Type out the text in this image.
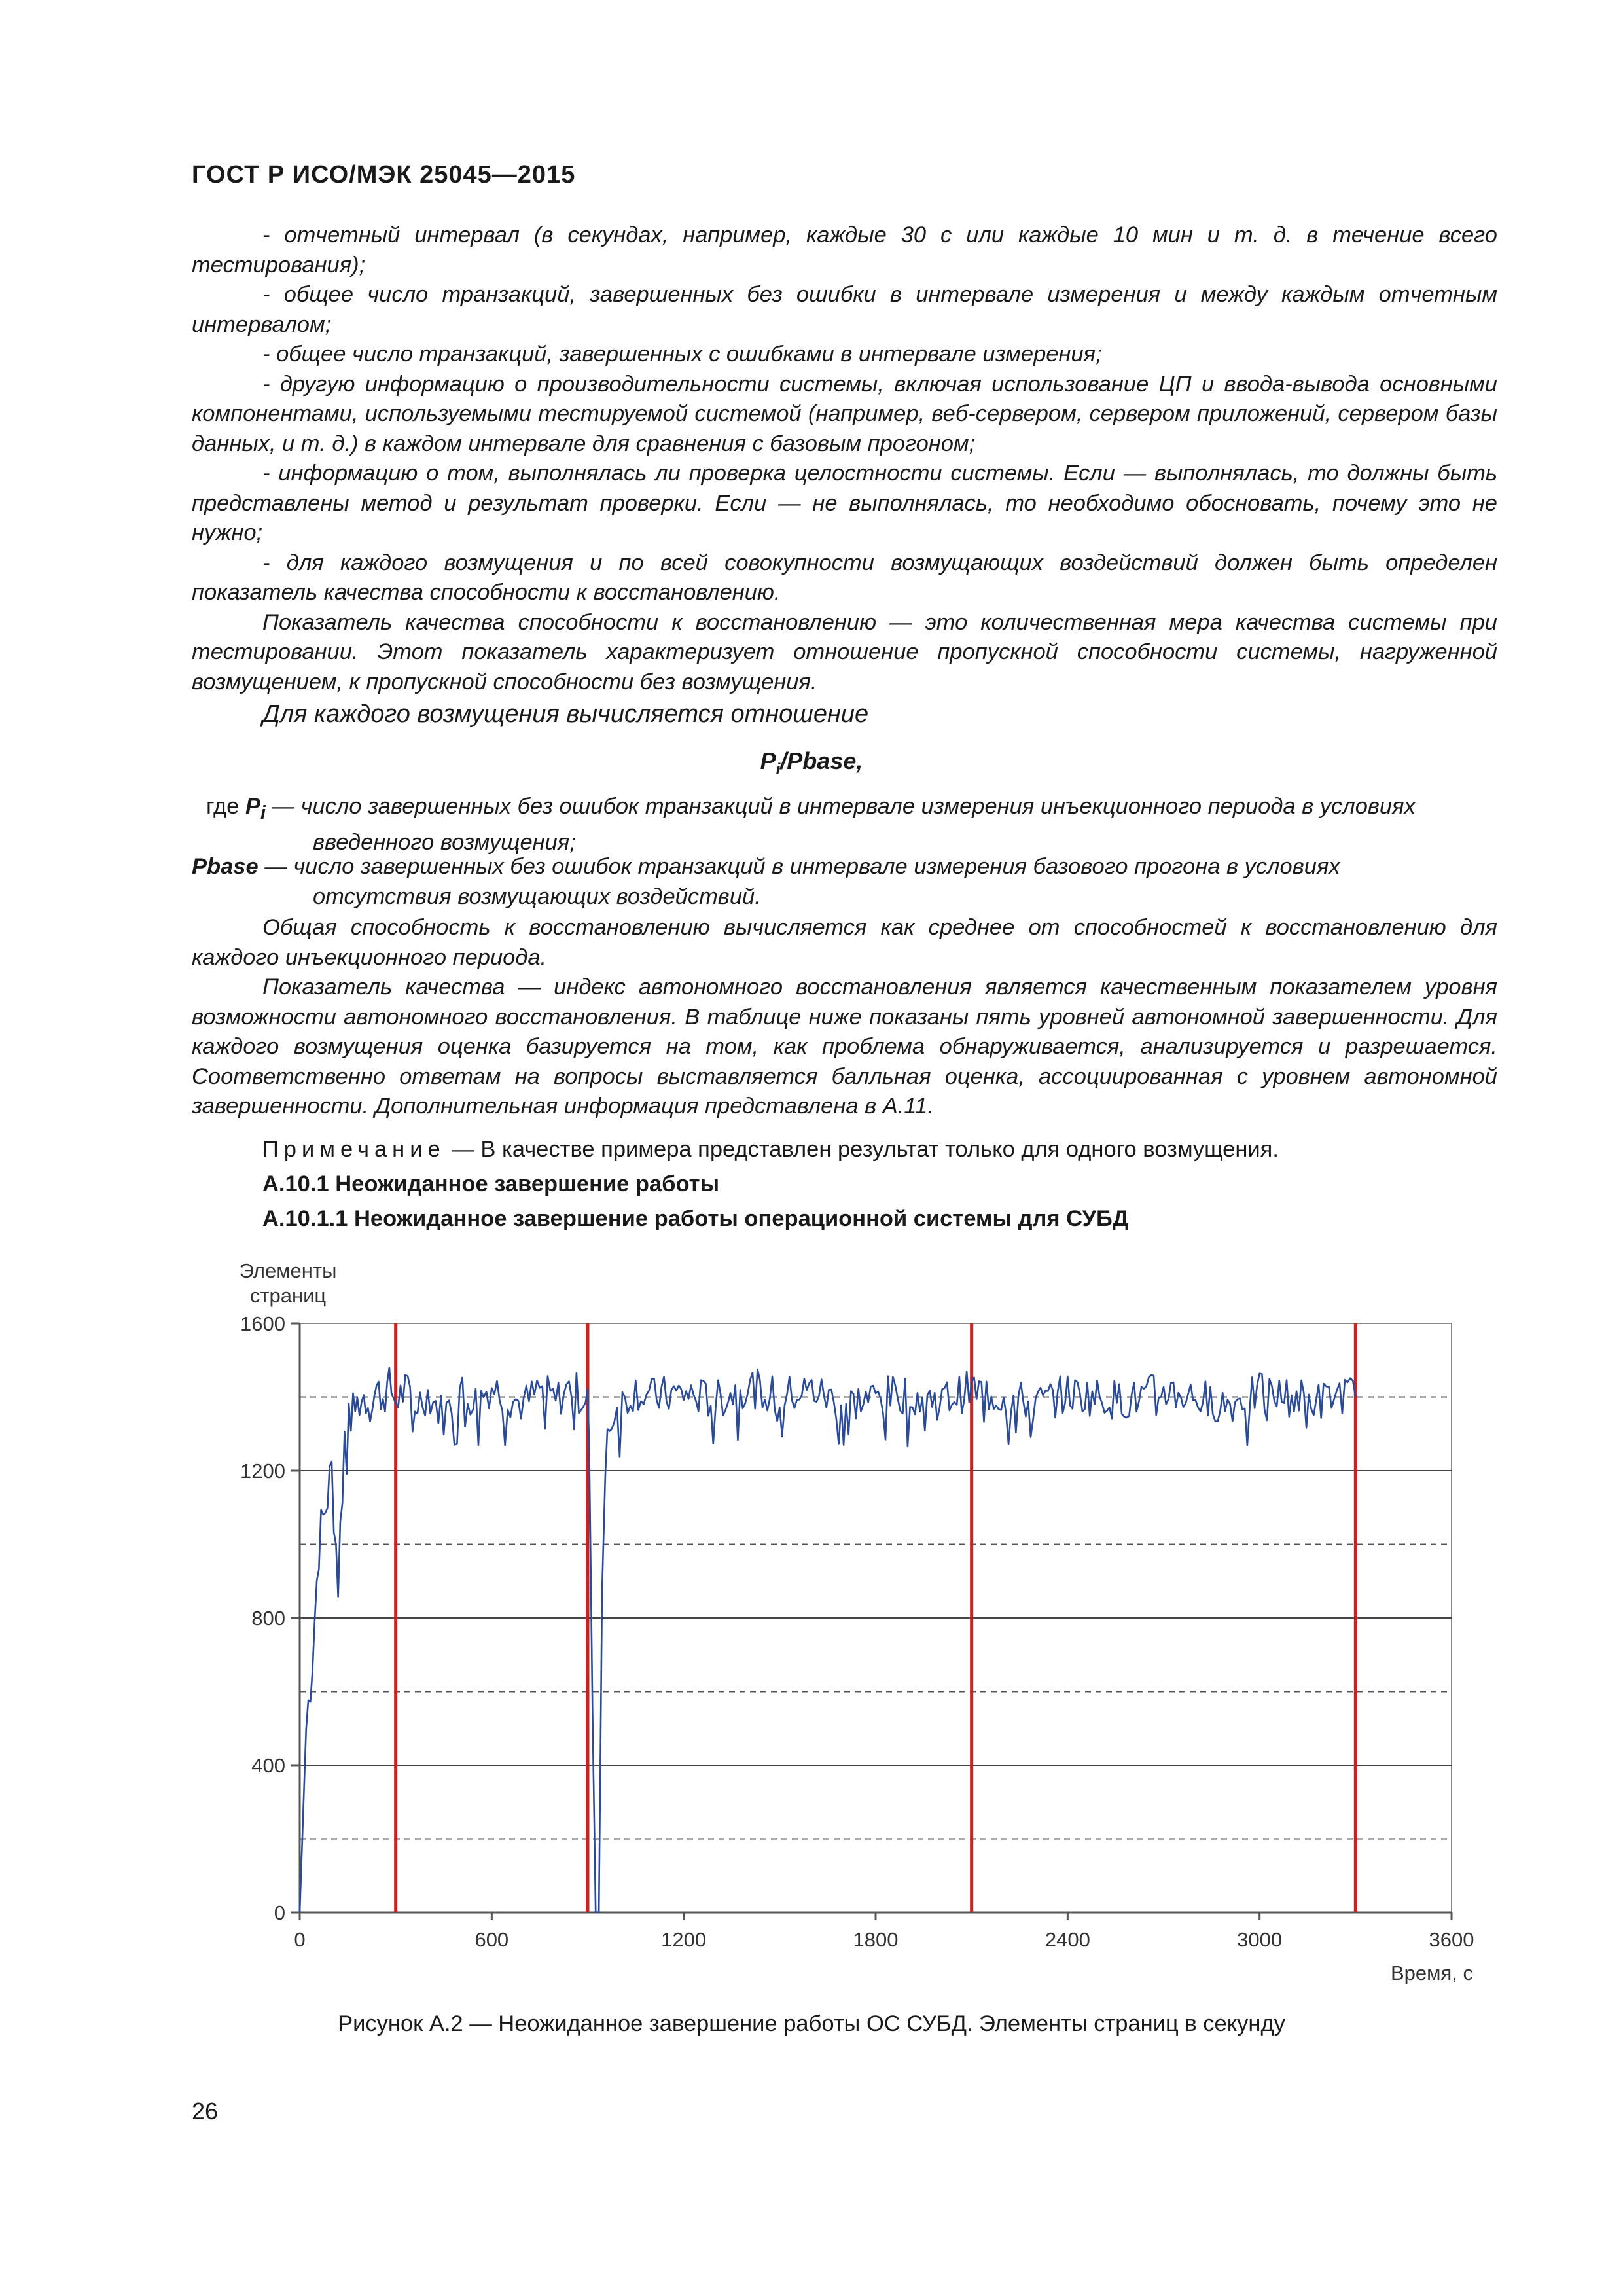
ГОСТ Р ИСО/МЭК 25045—2015

- отчетный интервал (в секундах, например, каждые 30 с или каждые 10 мин и т. д. в течение всего тестирования);

- общее число транзакций, завершенных без ошибки в интервале измерения и между каждым отчетным интервалом;

- общее число транзакций, завершенных с ошибками в интервале измерения;

- другую информацию о производительности системы, включая использование ЦП и ввода-вывода основными компонентами, используемыми тестируемой системой (например, веб-сервером, сервером приложений, сервером базы данных, и т. д.) в каждом интервале для сравнения с базовым прогоном;

- информацию о том, выполнялась ли проверка целостности системы. Если — выполнялась, то должны быть представлены метод и результат проверки. Если — не выполнялась, то необходимо обосновать, почему это не нужно;

- для каждого возмущения и по всей совокупности возмущающих воздействий должен быть определен показатель качества способности к восстановлению.

Показатель качества способности к восстановлению — это количественная мера качества системы при тестировании. Этот показатель характеризует отношение пропускной способности системы, нагруженной возмущением, к пропускной способности без возмущения.

Для каждого возмущения вычисляется отношение

$P_i$/Pbase,
где $P_i$ — число завершенных без ошибок транзакций в интервале измерения инъекционного периода в условиях
введенного возмущения;
Pbase — число завершенных без ошибок транзакций в интервале измерения базового прогона в условиях
отсутствия возмущающих воздействий.

Общая способность к восстановлению вычисляется как среднее от способностей к восстановлению для каждого инъекционного периода.

Показатель качества — индекс автономного восстановления является качественным показателем уровня возможности автономного восстановления. В таблице ниже показаны пять уровней автономной завершенности. Для каждого возмущения оценка базируется на том, как проблема обнаруживается, анализируется и разрешается. Соответственно ответам на вопросы выставляется балльная оценка, ассоциированная с уровнем автономной завершенности. Дополнительная информация представлена в А.11.

Примечание — В качестве примера представлен результат только для одного возмущения.
А.10.1 Неожиданное завершение работы
А.10.1.1 Неожиданное завершение работы операционной системы для СУБД
0
400
800
1200
1600
0	600	1200	1800	2400	3000	3600
Элементы
страниц
Время, с
Рисунок А.2 — Неожиданное завершение работы ОС СУБД. Элементы страниц в секунду
26
